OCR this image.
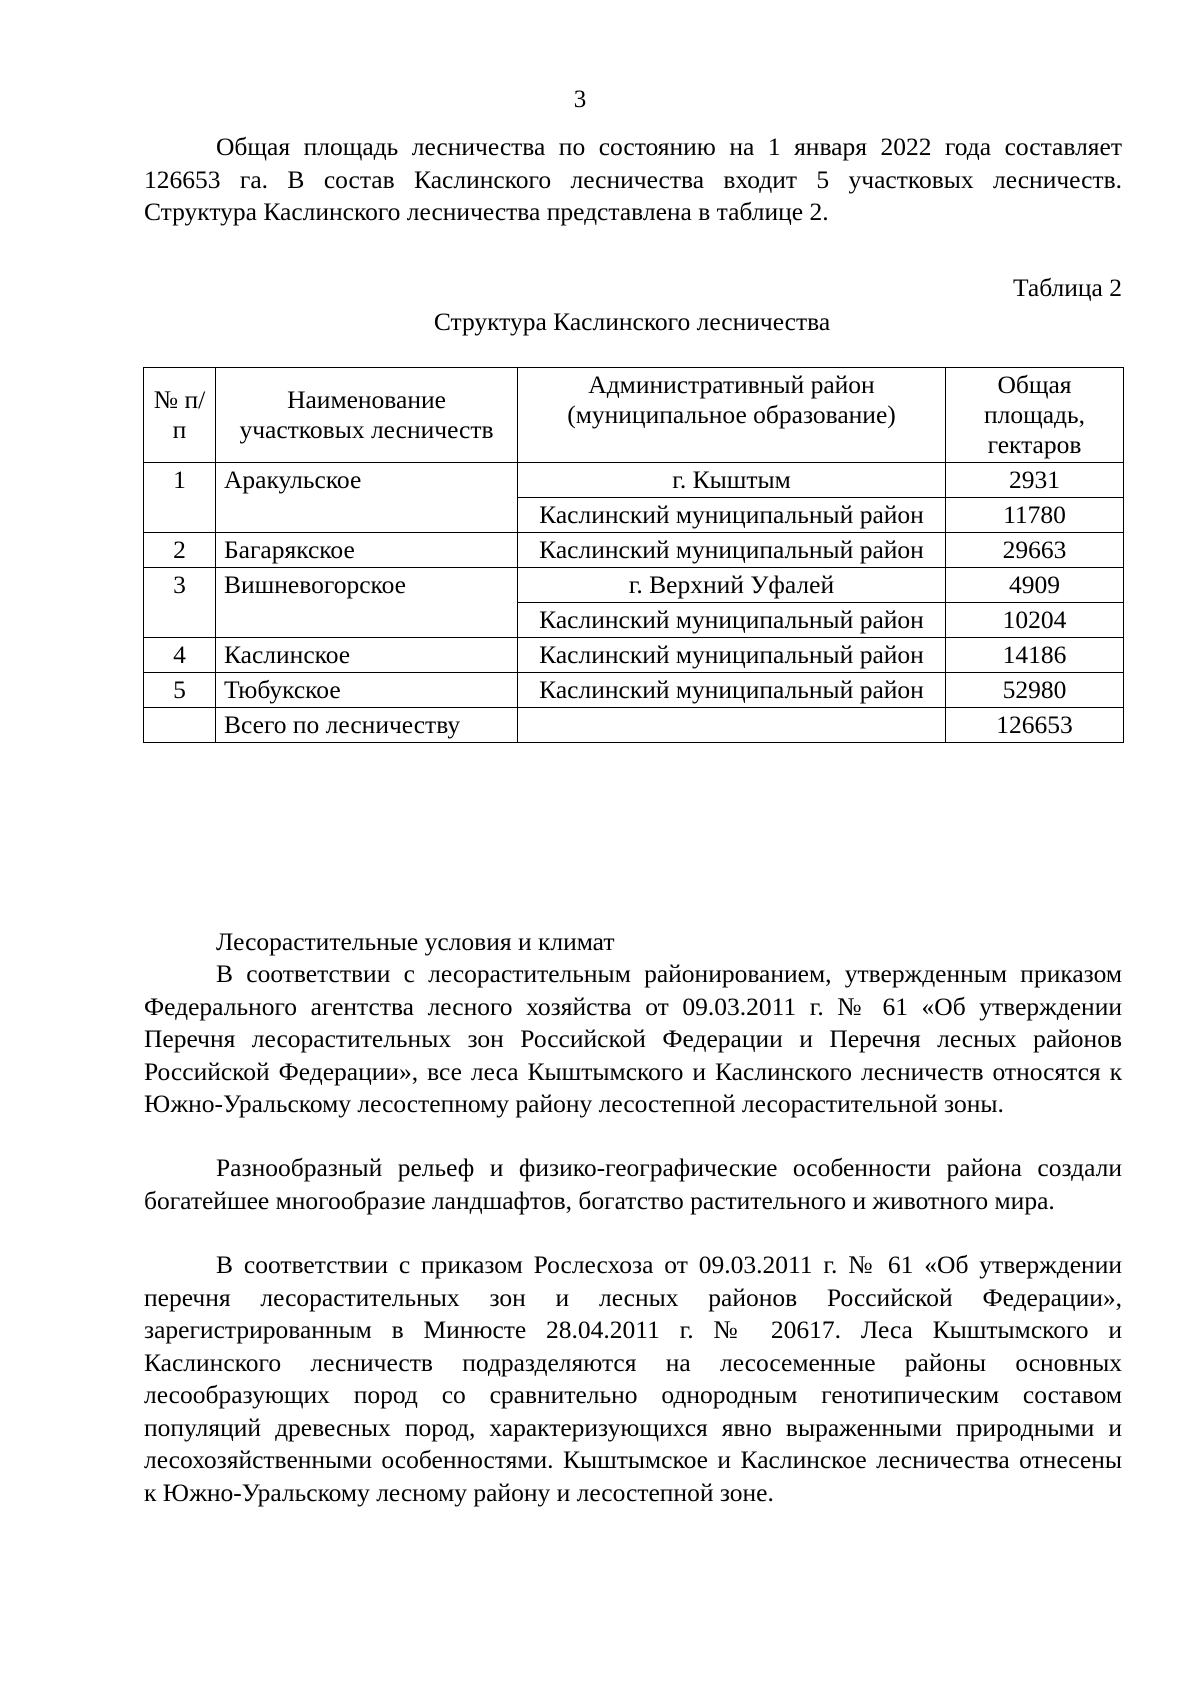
3

Общая площадь лесничества по состоянию на 1 января 2022 года составляет 126653 га. В состав Каслинского лесничества входит 5 участковых лесничеств. Структура Каслинского лесничества представлена в таблице 2.

Таблица 2
Структура Каслинского лесничества
№ п/п	Наименование участковых лесничеств	Административный район (муниципальное образование)	Общая площадь, гектаров
1	Аракульское	г. Кыштым	2931
		Каслинский муниципальный район	11780
2	Багарякское	Каслинский муниципальный район	29663
3	Вишневогорское	г. Верхний Уфалей	4909
		Каслинский муниципальный район	10204
4	Каслинское	Каслинский муниципальный район	14186
5	Тюбукское	Каслинский муниципальный район	52980
	Всего по лесничеству		126653
Лесорастительные условия и климат

В соответствии с лесорастительным районированием, утвержденным приказом Федерального агентства лесного хозяйства от 09.03.2011 г. № 61 «Об утверждении Перечня лесорастительных зон Российской Федерации и Перечня лесных районов Российской Федерации», все леса Кыштымского и Каслинского лесничеств относятся к Южно-Уральскому лесостепному району лесостепной лесорастительной зоны.

Разнообразный рельеф и физико-географические особенности района создали богатейшее многообразие ландшафтов, богатство растительного и животного мира.

В соответствии с приказом Рослесхоза от 09.03.2011 г. № 61 «Об утверждении перечня лесорастительных зон и лесных районов Российской Федерации», зарегистрированным в Минюсте 28.04.2011 г. № 20617. Леса Кыштымского и Каслинского лесничеств подразделяются на лесосеменные районы основных лесообразующих пород со сравнительно однородным генотипическим составом популяций древесных пород, характеризующихся явно выраженными природными и лесохозяйственными особенностями. Кыштымское и Каслинское лесничества отнесены к Южно-Уральскому лесному району и лесостепной зоне.
